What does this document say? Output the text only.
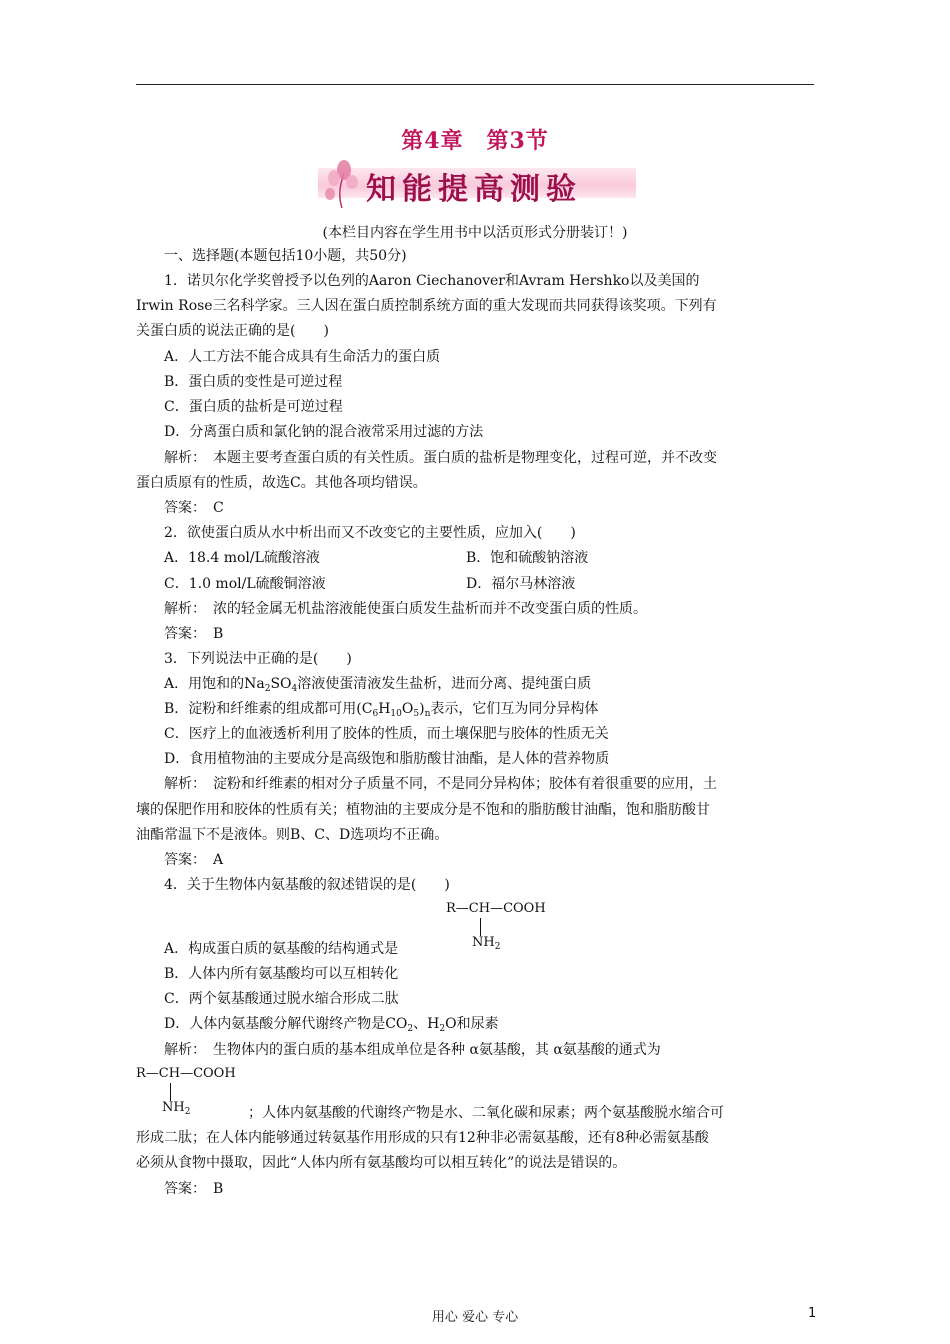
第4章　第3节
知能提高测验
(本栏目内容在学生用书中以活页形式分册装订！)
一、选择题(本题包括10小题，共50分)
1．诺贝尔化学奖曾授予以色列的Aaron Ciechanover和Avram Hershko以及美国的
Irwin Rose三名科学家。三人因在蛋白质控制系统方面的重大发现而共同获得该奖项。下列有
关蛋白质的说法正确的是(　　)
A．人工方法不能合成具有生命活力的蛋白质
B．蛋白质的变性是可逆过程
C．蛋白质的盐析是可逆过程
D．分离蛋白质和氯化钠的混合液常采用过滤的方法
解析：　本题主要考查蛋白质的有关性质。蛋白质的盐析是物理变化，过程可逆，并不改变
蛋白质原有的性质，故选C。其他各项均错误。
答案：　C
2．欲使蛋白质从水中析出而又不改变它的主要性质，应加入(　　)
A．18.4 mol/L硫酸溶液	B．饱和硫酸钠溶液
C．1.0 mol/L硫酸铜溶液	D．福尔马林溶液
解析：　浓的轻金属无机盐溶液能使蛋白质发生盐析而并不改变蛋白质的性质。
答案：　B
3．下列说法中正确的是(　　)
A．用饱和的$Na_2SO_4$溶液使蛋清液发生盐析，进而分离、提纯蛋白质
B．淀粉和纤维素的组成都可用$(C_6H_{10}O_5)_n$表示，它们互为同分异构体
C．医疗上的血液透析利用了胶体的性质，而土壤保肥与胶体的性质无关
D．食用植物油的主要成分是高级饱和脂肪酸甘油酯，是人体的营养物质
解析：　淀粉和纤维素的相对分子质量不同，不是同分异构体；胶体有着很重要的应用，土
壤的保肥作用和胶体的性质有关；植物油的主要成分是不饱和的脂肪酸甘油酯，饱和脂肪酸甘
油酯常温下不是液体。则B、C、D选项均不正确。
答案：　A
4．关于生物体内氨基酸的叙述错误的是(　　)
R—CH—COOH
$NH_2$
A．构成蛋白质的氨基酸的结构通式是
B．人体内所有氨基酸均可以互相转化
C．两个氨基酸通过脱水缩合形成二肽
D．人体内氨基酸分解代谢终产物是$CO_2$、$H_2O$和尿素
解析：　生物体内的蛋白质的基本组成单位是各种 α氨基酸，其 α氨基酸的通式为
R—CH—COOH
$NH_2$	；人体内氨基酸的代谢终产物是水、二氧化碳和尿素；两个氨基酸脱水缩合可
形成二肽；在人体内能够通过转氨基作用形成的只有12种非必需氨基酸，还有8种必需氨基酸
必须从食物中摄取，因此“人体内所有氨基酸均可以相互转化”的说法是错误的。
答案：　B
用心 爱心 专心	1
